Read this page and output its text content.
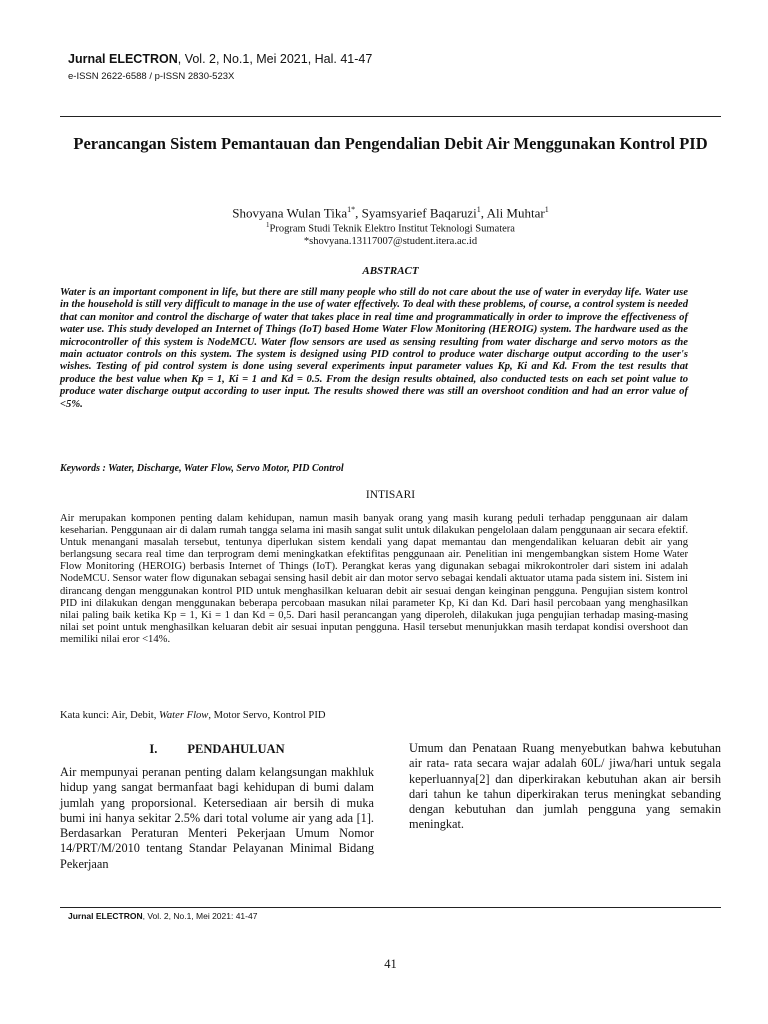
Jurnal ELECTRON, Vol. 2, No.1, Mei 2021, Hal. 41-47
e-ISSN 2622-6588 / p-ISSN 2830-523X
Perancangan Sistem Pemantauan dan Pengendalian Debit Air Menggunakan Kontrol PID
Shovyana Wulan Tika$^{1*}$, Syamsyarief Baqaruzi$^1$, Ali Muhtar$^1$
$^1$Program Studi Teknik Elektro Institut Teknologi Sumatera
*shovyana.13117007@student.itera.ac.id
ABSTRACT

Water is an important component in life, but there are still many people who still do not care about the use of water in everyday life. Water use in the household is still very difficult to manage in the use of water effectively. To deal with these problems, of course, a control system is needed that can monitor and control the discharge of water that takes place in real time and programmatically in order to improve the effectiveness of water use. This study developed an Internet of Things (IoT) based Home Water Flow Monitoring (HEROIG) system. The hardware used as the microcontroller of this system is NodeMCU. Water flow sensors are used as sensing resulting from water discharge and servo motors as the main actuator controls on this system. The system is designed using PID control to produce water discharge output according to the user's wishes. Testing of pid control system is done using several experiments input parameter values Kp, Ki and Kd. From the test results that produce the best value when Kp = 1, Ki = 1 and Kd = 0.5. From the design results obtained, also conducted tests on each set point value to produce water discharge output according to user input. The results showed there was still an overshoot condition and had an error value of <5%.

Keywords : Water, Discharge, Water Flow, Servo Motor, PID Control
INTISARI

Air merupakan komponen penting dalam kehidupan, namun masih banyak orang yang masih kurang peduli terhadap penggunaan air dalam keseharian. Penggunaan air di dalam rumah tangga selama ini masih sangat sulit untuk dilakukan pengelolaan dalam penggunaan air secara efektif. Untuk menangani masalah tersebut, tentunya diperlukan sistem kendali yang dapat memantau dan mengendalikan keluaran debit air yang berlangsung secara real time dan terprogram demi meningkatkan efektifitas penggunaan air. Penelitian ini mengembangkan sistem Home Water Flow Monitoring (HEROIG) berbasis Internet of Things (IoT). Perangkat keras yang digunakan sebagai mikrokontroler dari sistem ini adalah NodeMCU. Sensor water flow digunakan sebagai sensing hasil debit air dan motor servo sebagai kendali aktuator utama pada sistem ini. Sistem ini dirancang dengan menggunakan kontrol PID untuk menghasilkan keluaran debit air sesuai dengan keinginan pengguna. Pengujian sistem kontrol PID ini dilakukan dengan menggunakan beberapa percobaan masukan nilai parameter Kp, Ki dan Kd. Dari hasil percobaan yang menghasilkan nilai paling baik ketika Kp = 1, Ki = 1 dan Kd = 0,5. Dari hasil perancangan yang diperoleh, dilakukan juga pengujian terhadap masing-masing nilai set point untuk menghasilkan keluaran debit air sesuai inputan pengguna. Hasil tersebut menunjukkan masih terdapat kondisi overshoot dan memiliki nilai eror <14%.

Kata kunci: Air, Debit, Water Flow, Motor Servo, Kontrol PID
I. PENDAHULUAN

Air mempunyai peranan penting dalam kelangsungan makhluk hidup yang sangat bermanfaat bagi kehidupan di bumi dalam jumlah yang proporsional. Ketersediaan air bersih di muka bumi ini hanya sekitar 2.5% dari total volume air yang ada [1]. Berdasarkan Peraturan Menteri Pekerjaan Umum Nomor 14/PRT/M/2010 tentang Standar Pelayanan Minimal Bidang Pekerjaan

Umum dan Penataan Ruang menyebutkan bahwa kebutuhan air rata- rata secara wajar adalah 60L/ jiwa/hari untuk segala keperluannya[2] dan diperkirakan kebutuhan akan air bersih dari tahun ke tahun diperkirakan terus meningkat sebanding dengan kebutuhan dan jumlah pengguna yang semakin meningkat.

Jurnal ELECTRON, Vol. 2, No.1, Mei 2021: 41-47
41
